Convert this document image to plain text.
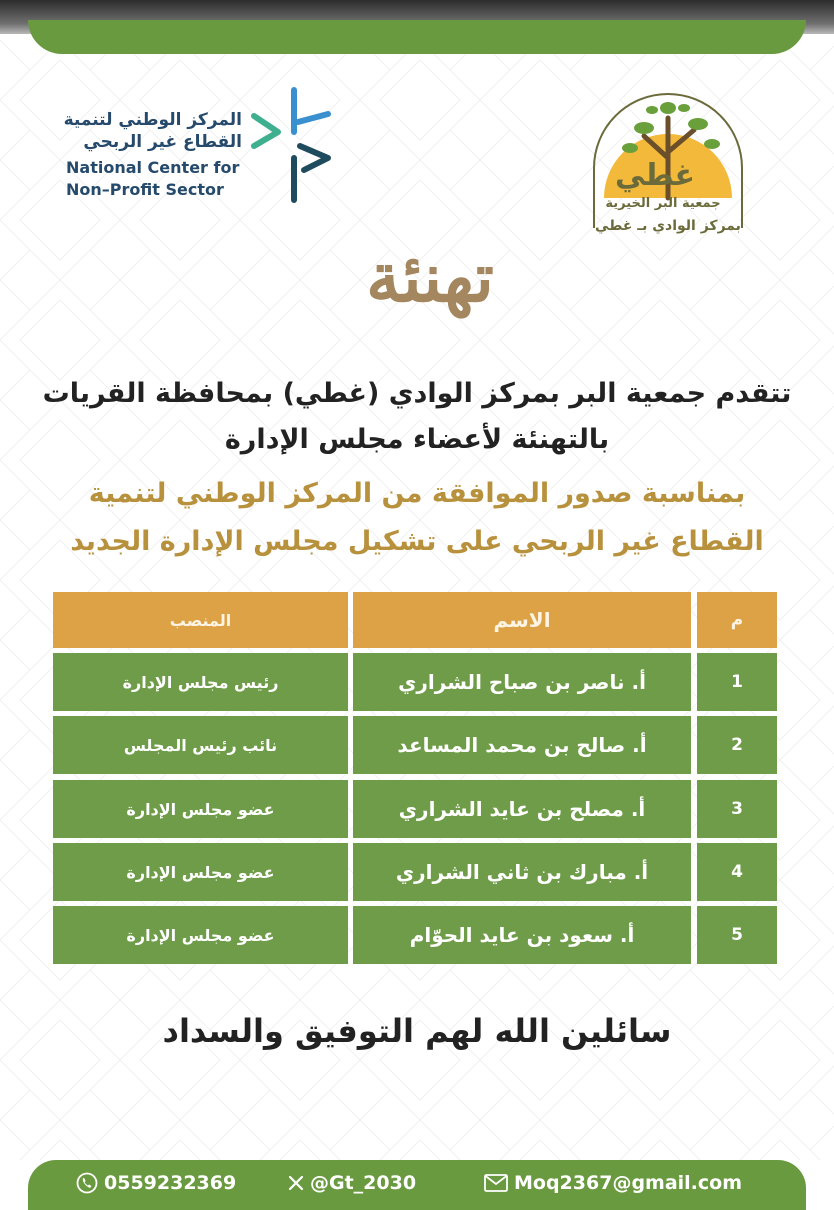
المركز الوطني لتنمية
القطاع غير الربحي
National Center for
Non–Profit Sector	غطي
جمعية البر الخيرية
بمركز الوادي بـ غطي
تهنئة
تتقدم جمعية البر بمركز الوادي (غطي) بمحافظة القريات
بالتهنئة لأعضاء مجلس الإدارة
بمناسبة صدور الموافقة من المركز الوطني لتنمية
القطاع غير الربحي على تشكيل مجلس الإدارة الجديد
م
الاسم
المنصب
1
أ. ناصر بن صباح الشراري
رئيس مجلس الإدارة
2
أ. صالح بن محمد المساعد
نائب رئيس المجلس
3
أ. مصلح بن عايد الشراري
عضو مجلس الإدارة
4
أ. مبارك بن ثاني الشراري
عضو مجلس الإدارة
5
أ. سعود بن عايد الحوّام
عضو مجلس الإدارة
سائلين الله لهم التوفيق والسداد
0559232369	@Gt_2030	Moq2367@gmail.com
